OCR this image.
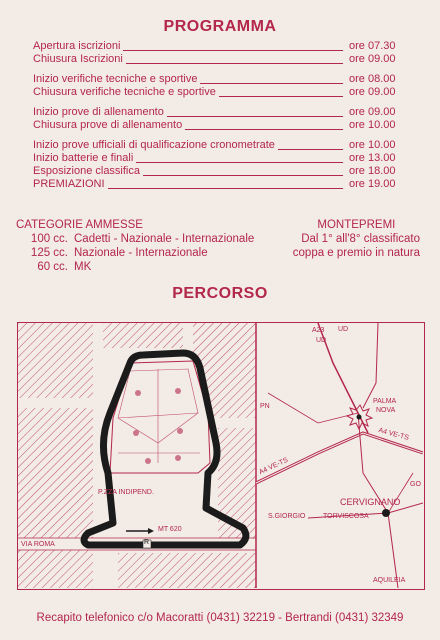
PROGRAMMA
Apertura iscrizioni	ore 07.30
Chiusura Iscrizioni	ore 09.00
Inizio verifiche tecniche e sportive	ore 08.00
Chiusura verifiche tecniche e sportive	ore 09.00
Inizio prove di allenamento	ore 09.00
Chiusura prove di allenamento	ore 10.00
Inizio prove ufficiali di qualificazione cronometrate	ore 10.00
Inizio batterie e finali	ore 13.00
Esposizione classifica	ore 18.00
PREMIAZIONI	ore 19.00
CATEGORIE AMMESSE
100 cc. Cadetti - Nazionale - Internazionale
125 cc. Nazionale - Internazionale
60 cc. MK
MONTEPREMI
Dal 1° all'8° classificato
coppa e premio in natura
PERCORSO
P.ZZA INDIPEND.
MT 620
VIA ROMA	R
A23 UD
UD
PN
PALMA
NOVA
A4 VE-TS
A4 VE-TS
GO
CERVIGNANO
S.GIORGIO	TORVISCOSA
AQUILEIA
Recapito telefonico c/o Macoratti (0431) 32219 - Bertrandi (0431) 32349
